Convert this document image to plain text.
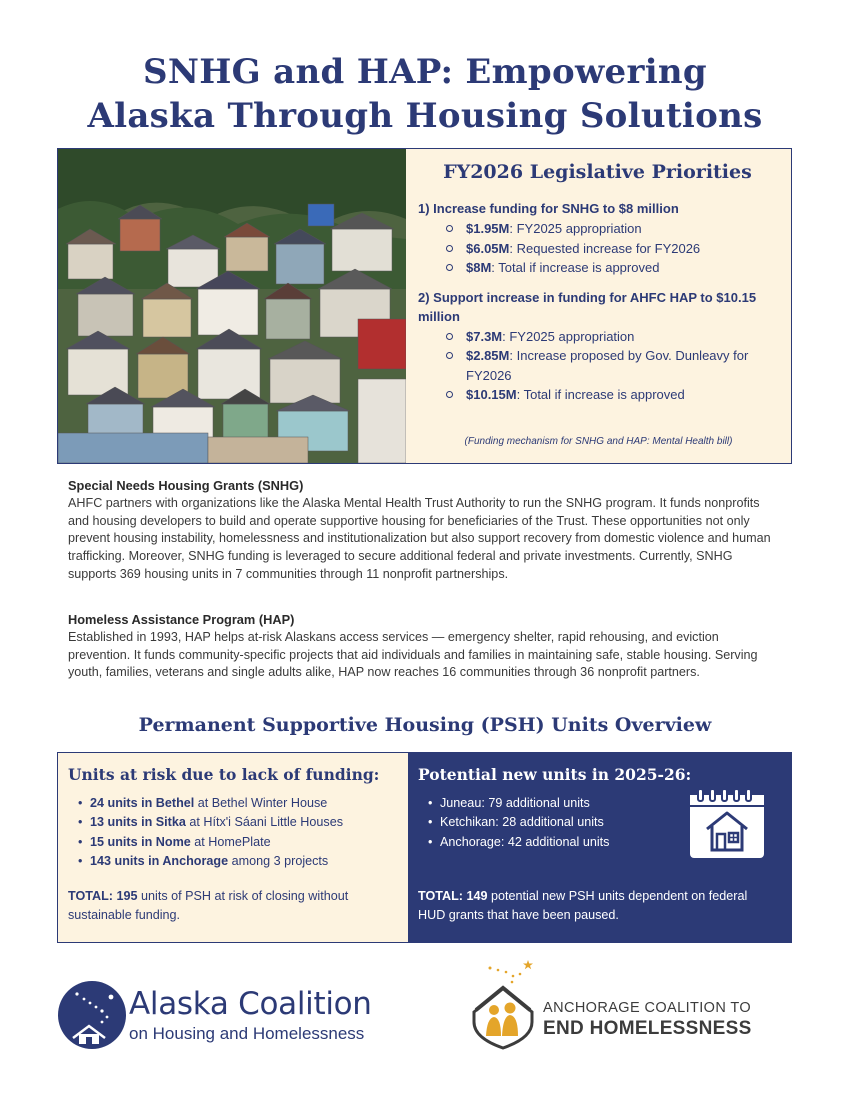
SNHG and HAP: Empowering
Alaska Through Housing Solutions
FY2026 Legislative Priorities
1) Increase funding for SNHG to $8 million
$1.95M: FY2025 appropriation
$6.05M: Requested increase for FY2026
$8M: Total if increase is approved
2) Support increase in funding for AHFC HAP to $10.15 million
$7.3M: FY2025 appropriation
$2.85M: Increase proposed by Gov. Dunleavy for FY2026
$10.15M: Total if increase is approved
(Funding mechanism for SNHG and HAP: Mental Health bill)
Special Needs Housing Grants (SNHG)

AHFC partners with organizations like the Alaska Mental Health Trust Authority to run the SNHG program. It funds nonprofits and housing developers to build and operate supportive housing for beneficiaries of the Trust. These opportunities not only prevent housing instability, homelessness and institutionalization but also support recovery from domestic violence and human trafficking. Moreover, SNHG funding is leveraged to secure additional federal and private investments. Currently, SNHG supports 369 housing units in 7 communities through 11 nonprofit partnerships.

Homeless Assistance Program (HAP)

Established in 1993, HAP helps at-risk Alaskans access services — emergency shelter, rapid rehousing, and eviction prevention. It funds community-specific projects that aid individuals and families in maintaining safe, stable housing. Serving youth, families, veterans and single adults alike, HAP now reaches 16 communities through 36 nonprofit partners.

Permanent Supportive Housing (PSH) Units Overview
Units at risk due to lack of funding:
• 24 units in Bethel at Bethel Winter House
• 13 units in Sitka at Hítx'i Sáani Little Houses
• 15 units in Nome at HomePlate
• 143 units in Anchorage among 3 projects
TOTAL: 195 units of PSH at risk of closing without sustainable funding.
Potential new units in 2025-26:
• Juneau: 79 additional units
• Ketchikan: 28 additional units
• Anchorage: 42 additional units
TOTAL: 149 potential new PSH units dependent on federal HUD grants that have been paused.
Alaska Coalition
on Housing and Homelessness
ANCHORAGE COALITION TO
END HOMELESSNESS
